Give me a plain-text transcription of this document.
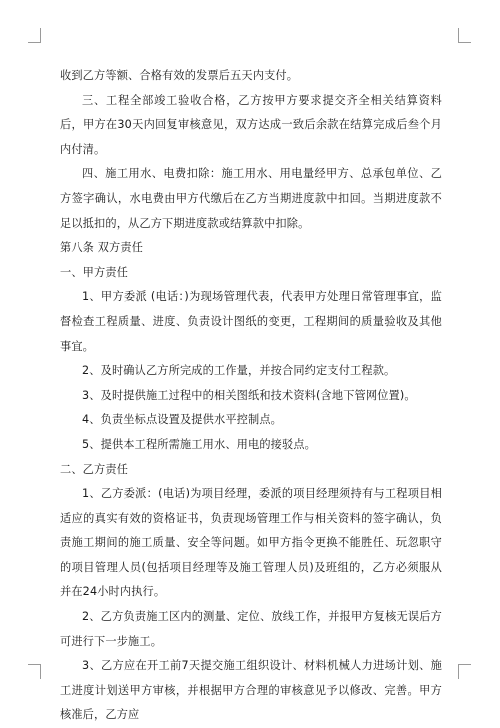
收到乙方等额、合格有效的发票后五天内支付。

三、工程全部竣工验收合格，乙方按甲方要求提交齐全相关结算资料后，甲方在30天内回复审核意见，双方达成一致后余款在结算完成后叁个月内付清。

四、施工用水、电费扣除：施工用水、用电量经甲方、总承包单位、乙方签字确认，水电费由甲方代缴后在乙方当期进度款中扣回。当期进度款不足以抵扣的，从乙方下期进度款或结算款中扣除。

第八条 双方责任

一、甲方责任

1、甲方委派 (电话：)为现场管理代表，代表甲方处理日常管理事宜，监督检查工程质量、进度、负责设计图纸的变更，工程期间的质量验收及其他事宜。

2、及时确认乙方所完成的工作量，并按合同约定支付工程款。

3、及时提供施工过程中的相关图纸和技术资料(含地下管网位置)。

4、负责坐标点设置及提供水平控制点。

5、提供本工程所需施工用水、用电的接驳点。

二、乙方责任

1、乙方委派：(电话)为项目经理，委派的项目经理须持有与工程项目相适应的真实有效的资格证书，负责现场管理工作与相关资料的签字确认，负责施工期间的施工质量、安全等问题。如甲方指令更换不能胜任、玩忽职守的项目管理人员(包括项目经理等及施工管理人员)及班组的，乙方必须服从并在24小时内执行。

2、乙方负责施工区内的测量、定位、放线工作，并报甲方复核无误后方可进行下一步施工。

3、乙方应在开工前7天提交施工组织设计、材料机械人力进场计划、施工进度计划送甲方审核，并根据甲方合理的审核意见予以修改、完善。甲方核准后，乙方应
